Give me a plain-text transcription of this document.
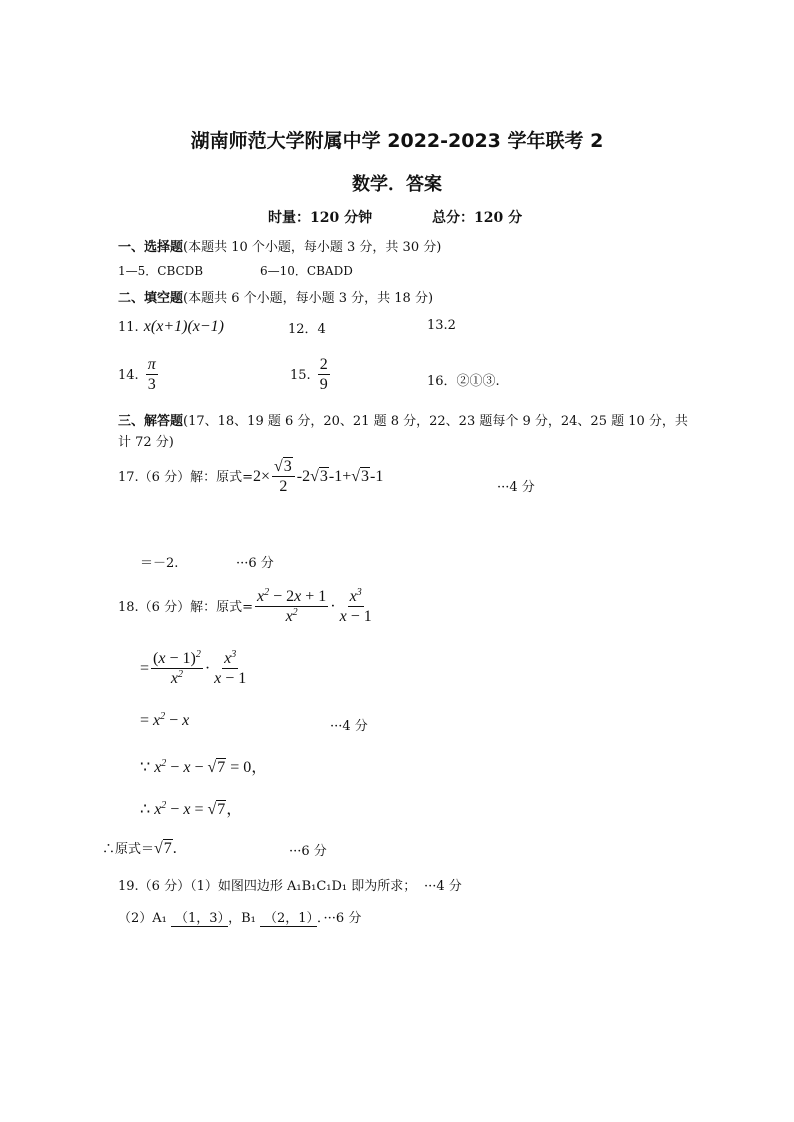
湖南师范大学附属中学 2022-2023 学年联考 2
数学．答案
时量：120 分钟	总分：120 分
一、选择题(本题共 10 个小题，每小题 3 分，共 30 分)
1—5．CBCDB	6—10．CBADD
二、填空题(本题共 6 个小题，每小题 3 分，共 18 分)
11. x(x+1)(x−1)	12．4	13.2
14. $\frac{\pi}{3}$	15. $\frac{2}{9}$	16．②①③.
三、解答题(17、18、19 题 6 分，20、21 题 8 分，22、23 题每个 9 分，24、25 题 10 分，共
计 72 分)
17.（6 分）解：原式$=2\times \frac{√3}{2} -2√3-1+√3-1$
···4 分
＝－2.	···6 分
18.（6 分）解：原式= $\frac{x^2 - 2x + 1}{x^2} \cdot \frac{x^3}{x - 1}$
= $\frac{(x - 1)^2}{x^2} \cdot \frac{x^3}{x - 1}$
= $x^2 - x$	···4 分
∵ $x^2 - x - √7 = 0$，
∴ $x^2 - x = √7$，
∴原式＝√7.	···6 分
19.（6 分）（1）如图四边形 A₁B₁C₁D₁ 即为所求； ···4 分
（2）A₁ （1，3） ，B₁ （2，1） ．···6 分
